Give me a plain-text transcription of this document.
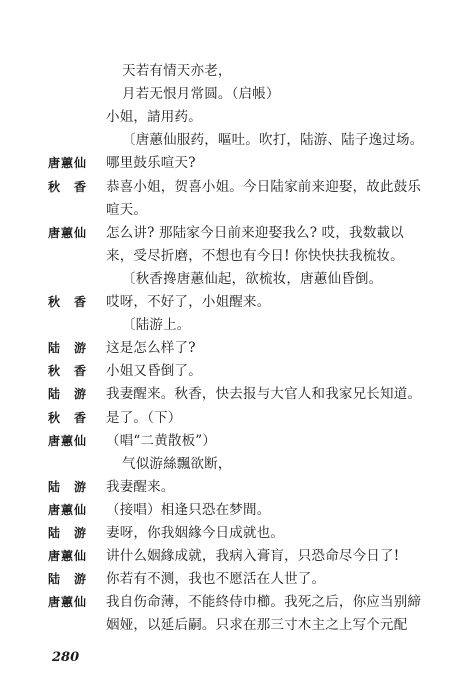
天若有情天亦老，
月若无恨月常圆。（启帳）
小姐，請用药。
〔唐蕙仙服药，嘔吐。吹打，陆游、陆子逸过场。
唐蕙仙 哪里鼓乐喧天?
秋　香 恭喜小姐，贺喜小姐。今日陆家前来迎娶，故此鼓乐
喧天。
唐蕙仙 怎么讲? 那陆家今日前来迎娶我么? 哎，我数載以
来，受尽折磨，不想也有今日! 你快快扶我梳妆。
〔秋香搀唐蕙仙起，欲梳妆，唐蕙仙昏倒。
秋　香 哎呀，不好了，小姐醒来。
〔陆游上。
陆　游 这是怎么样了?
秋　香 小姐又昏倒了。
陆　游 我妻醒来。秋香，快去报与大官人和我家兄长知道。
秋　香 是了。（下）
唐蕙仙 （唱“二黄散板”）
气似游絲飄欲断，
陆　游 我妻醒来。
唐蕙仙 （接唱）相逢只恐在梦間。
陆　游 妻呀，你我姻緣今日成就也。
唐蕙仙 讲什么姻緣成就，我病入膏肓，只恐命尽今日了!
陆　游 你若有不测，我也不愿活在人世了。
唐蕙仙 我自伤命薄，不能終侍巾櫛。我死之后，你应当别締
姻娅，以延后嗣。只求在那三寸木主之上写个元配
280
